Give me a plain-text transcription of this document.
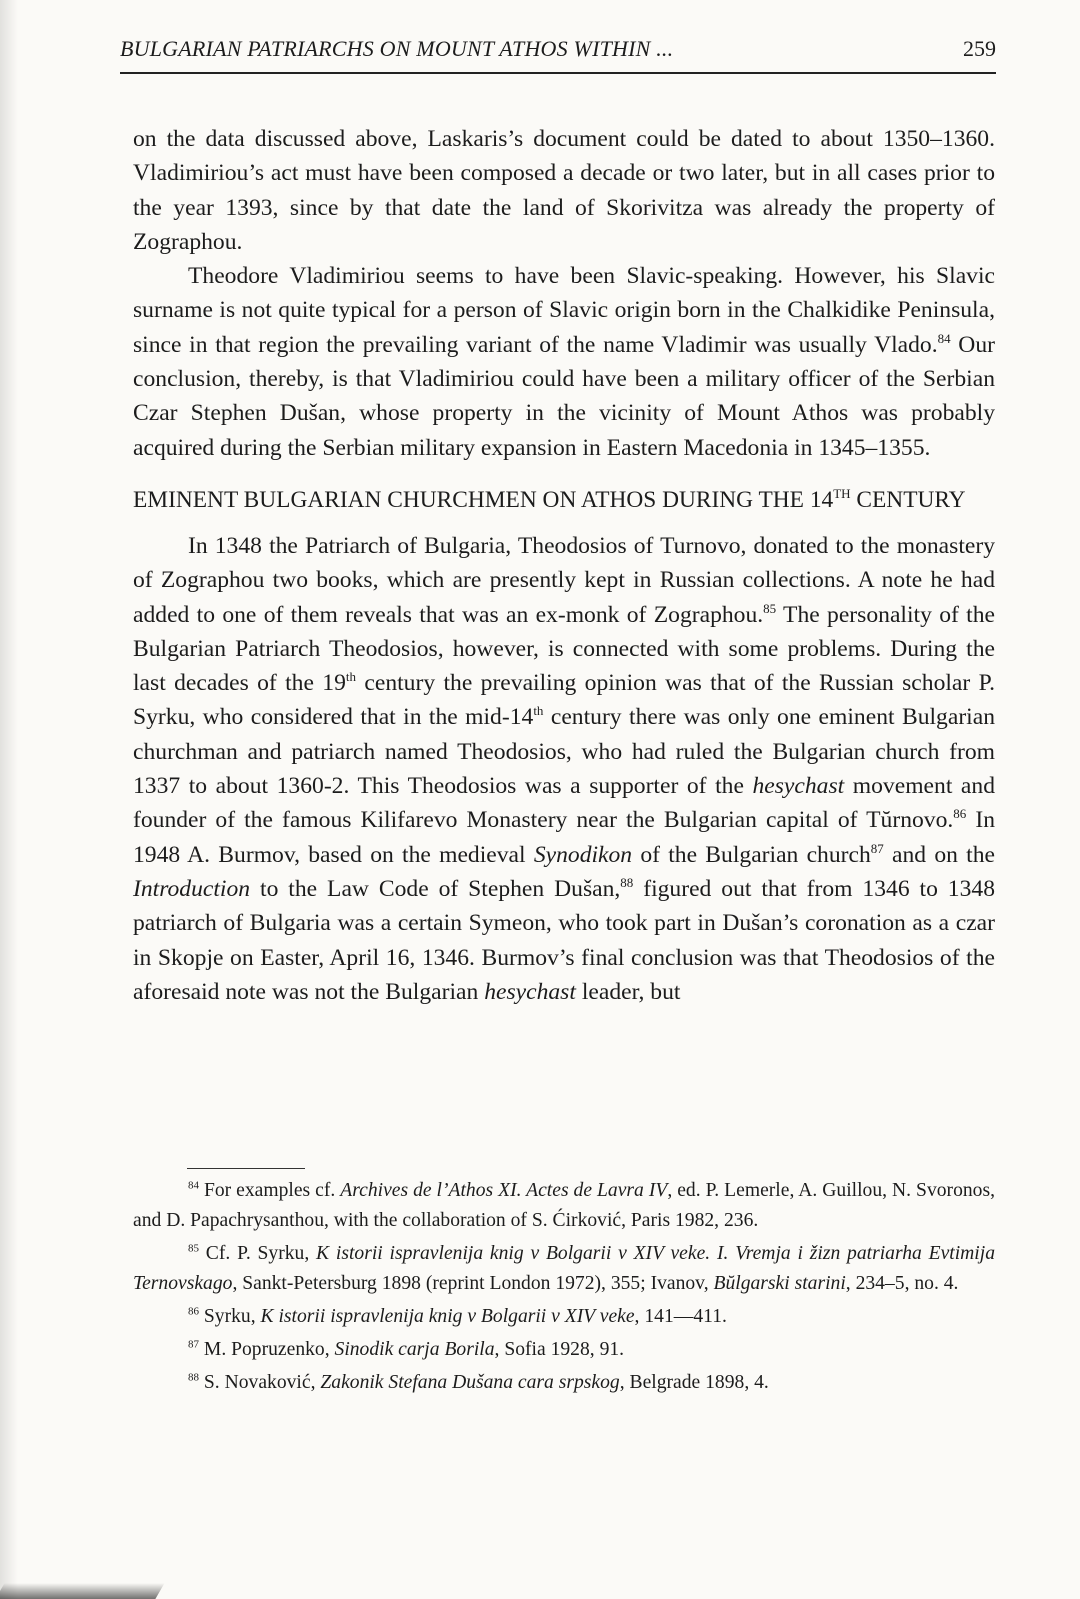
BULGARIAN PATRIARCHS ON MOUNT ATHOS WITHIN ...	259

on the data discussed above, Laskaris’s document could be dated to about 1350–1360. Vladimiriou’s act must have been composed a decade or two later, but in all cases prior to the year 1393, since by that date the land of Skorivitza was already the property of Zographou.

Theodore Vladimiriou seems to have been Slavic-speaking. However, his Slavic surname is not quite typical for a person of Slavic origin born in the Chalkidike Peninsula, since in that region the prevailing variant of the name Vladimir was usually Vlado.$^{84}$ Our conclusion, thereby, is that Vladimiriou could have been a military officer of the Serbian Czar Stephen Dušan, whose property in the vicinity of Mount Athos was probably acquired during the Serbian military expansion in Eastern Macedonia in 1345–1355.

EMINENT BULGARIAN CHURCHMEN ON ATHOS DURING THE 14TH CENTURY

In 1348 the Patriarch of Bulgaria, Theodosios of Turnovo, donated to the monastery of Zographou two books, which are presently kept in Russian collections. A note he had added to one of them reveals that was an ex-monk of Zographou.$^{85}$ The personality of the Bulgarian Patriarch Theodosios, however, is connected with some problems. During the last decades of the 19th century the prevailing opinion was that of the Russian scholar P. Syrku, who considered that in the mid-14th century there was only one eminent Bulgarian churchman and patriarch named Theodosios, who had ruled the Bulgarian church from 1337 to about 1360-2. This Theodosios was a supporter of the hesychast movement and founder of the famous Kilifarevo Monastery near the Bulgarian capital of Tŭrnovo.$^{86}$ In 1948 A. Burmov, based on the medieval Synodikon of the Bulgarian church$^{87}$ and on the Introduction to the Law Code of Stephen Dušan,$^{88}$ figured out that from 1346 to 1348 patriarch of Bulgaria was a certain Symeon, who took part in Dušan’s coronation as a czar in Skopje on Easter, April 16, 1346. Burmov’s final conclusion was that Theodosios of the aforesaid note was not the Bulgarian hesychast leader, but

$^{84}$ For examples cf. Archives de l’Athos XI. Actes de Lavra IV, ed. P. Lemerle, A. Guillou, N. Svoronos, and D. Papachrysanthou, with the collaboration of S. Ćirković, Paris 1982, 236.

$^{85}$ Cf. P. Syrku, K istorii ispravlenija knig v Bolgarii v XIV veke. I. Vremja i žizn patriarha Evtimija Ternovskago, Sankt-Petersburg 1898 (reprint London 1972), 355; Ivanov, Bŭlgarski starini, 234–5, no. 4.

$^{86}$ Syrku, K istorii ispravlenija knig v Bolgarii v XIV veke, 141—411.

$^{87}$ M. Popruzenko, Sinodik carja Borila, Sofia 1928, 91.

$^{88}$ S. Novaković, Zakonik Stefana Dušana cara srpskog, Belgrade 1898, 4.
